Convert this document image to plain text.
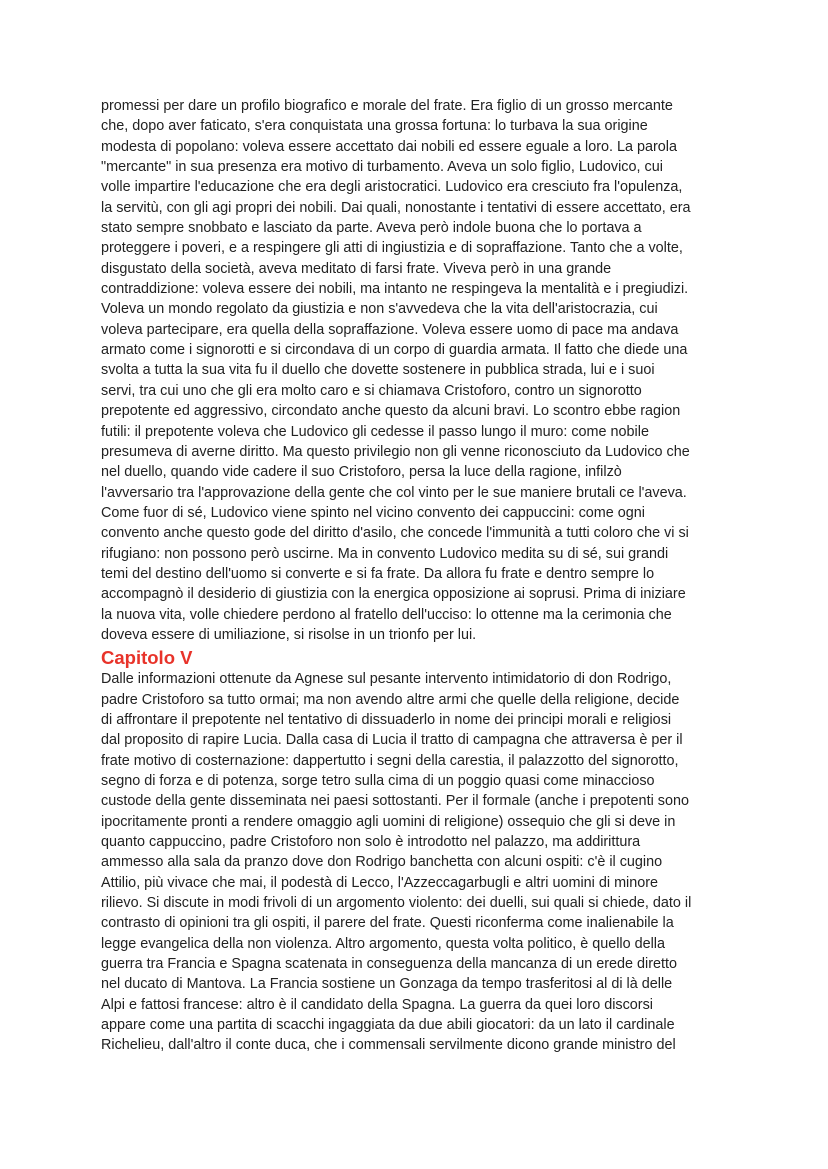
promessi per dare un profilo biografico e morale del frate. Era figlio di un grosso mercante
che, dopo aver faticato, s'era conquistata una grossa fortuna: lo turbava la sua origine
modesta di popolano: voleva essere accettato dai nobili ed essere eguale a loro. La parola
"mercante" in sua presenza era motivo di turbamento. Aveva un solo figlio, Ludovico, cui
volle impartire l'educazione che era degli aristocratici. Ludovico era cresciuto fra l'opulenza,
la servitù, con gli agi propri dei nobili. Dai quali, nonostante i tentativi di essere accettato, era
stato sempre snobbato e lasciato da parte. Aveva però indole buona che lo portava a
proteggere i poveri, e a respingere gli atti di ingiustizia e di sopraffazione. Tanto che a volte,
disgustato della società, aveva meditato di farsi frate. Viveva però in una grande
contraddizione: voleva essere dei nobili, ma intanto ne respingeva la mentalità e i pregiudizi.
Voleva un mondo regolato da giustizia e non s'avvedeva che la vita dell'aristocrazia, cui
voleva partecipare, era quella della sopraffazione. Voleva essere uomo di pace ma andava
armato come i signorotti e si circondava di un corpo di guardia armata. Il fatto che diede una
svolta a tutta la sua vita fu il duello che dovette sostenere in pubblica strada, lui e i suoi
servi, tra cui uno che gli era molto caro e si chiamava Cristoforo, contro un signorotto
prepotente ed aggressivo, circondato anche questo da alcuni bravi. Lo scontro ebbe ragion
futili: il prepotente voleva che Ludovico gli cedesse il passo lungo il muro: come nobile
presumeva di averne diritto. Ma questo privilegio non gli venne riconosciuto da Ludovico che
nel duello, quando vide cadere il suo Cristoforo, persa la luce della ragione, infilzò
l'avversario tra l'approvazione della gente che col vinto per le sue maniere brutali ce l'aveva.
Come fuor di sé, Ludovico viene spinto nel vicino convento dei cappuccini: come ogni
convento anche questo gode del diritto d'asilo, che concede l'immunità a tutti coloro che vi si
rifugiano: non possono però uscirne. Ma in convento Ludovico medita su di sé, sui grandi
temi del destino dell'uomo si converte e si fa frate. Da allora fu frate e dentro sempre lo
accompagnò il desiderio di giustizia con la energica opposizione ai soprusi. Prima di iniziare
la nuova vita, volle chiedere perdono al fratello dell'ucciso: lo ottenne ma la cerimonia che
doveva essere di umiliazione, si risolse in un trionfo per lui.
Capitolo V
Dalle informazioni ottenute da Agnese sul pesante intervento intimidatorio di don Rodrigo,
padre Cristoforo sa tutto ormai; ma non avendo altre armi che quelle della religione, decide
di affrontare il prepotente nel tentativo di dissuaderlo in nome dei principi morali e religiosi
dal proposito di rapire Lucia. Dalla casa di Lucia il tratto di campagna che attraversa è per il
frate motivo di costernazione: dappertutto i segni della carestia, il palazzotto del signorotto,
segno di forza e di potenza, sorge tetro sulla cima di un poggio quasi come minaccioso
custode della gente disseminata nei paesi sottostanti. Per il formale (anche i prepotenti sono
ipocritamente pronti a rendere omaggio agli uomini di religione) ossequio che gli si deve in
quanto cappuccino, padre Cristoforo non solo è introdotto nel palazzo, ma addirittura
ammesso alla sala da pranzo dove don Rodrigo banchetta con alcuni ospiti: c'è il cugino
Attilio, più vivace che mai, il podestà di Lecco, l'Azzeccagarbugli e altri uomini di minore
rilievo. Si discute in modi frivoli di un argomento violento: dei duelli, sui quali si chiede, dato il
contrasto di opinioni tra gli ospiti, il parere del frate. Questi riconferma come inalienabile la
legge evangelica della non violenza. Altro argomento, questa volta politico, è quello della
guerra tra Francia e Spagna scatenata in conseguenza della mancanza di un erede diretto
nel ducato di Mantova. La Francia sostiene un Gonzaga da tempo trasferitosi al di là delle
Alpi e fattosi francese: altro è il candidato della Spagna. La guerra da quei loro discorsi
appare come una partita di scacchi ingaggiata da due abili giocatori: da un lato il cardinale
Richelieu, dall'altro il conte duca, che i commensali servilmente dicono grande ministro del
